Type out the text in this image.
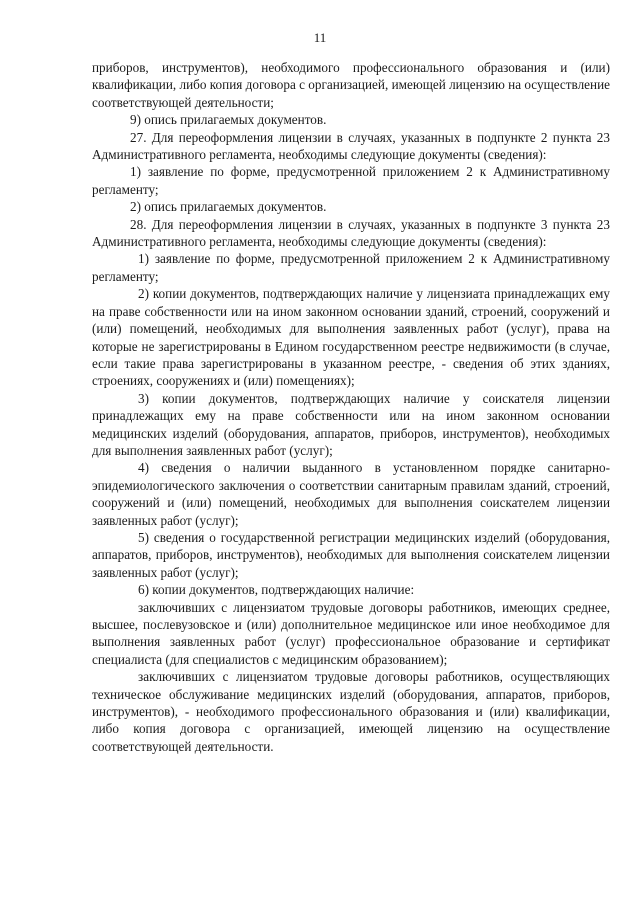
11

приборов, инструментов), необходимого профессионального образования и (или) квалификации, либо копия договора с организацией, имеющей лицензию на осуществление соответствующей деятельности;

9) опись прилагаемых документов.

27. Для переоформления лицензии в случаях, указанных в подпункте 2 пункта 23 Административного регламента, необходимы следующие документы (сведения):

1) заявление по форме, предусмотренной приложением 2 к Административному регламенту;

2) опись прилагаемых документов.

28. Для переоформления лицензии в случаях, указанных в подпункте 3 пункта 23 Административного регламента, необходимы следующие документы (сведения):

1) заявление по форме, предусмотренной приложением 2 к Административному регламенту;

2) копии документов, подтверждающих наличие у лицензиата принадлежащих ему на праве собственности или на ином законном основании зданий, строений, сооружений и (или) помещений, необходимых для выполнения заявленных работ (услуг), права на которые не зарегистрированы в Едином государственном реестре недвижимости (в случае, если такие права зарегистрированы в указанном реестре, - сведения об этих зданиях, строениях, сооружениях и (или) помещениях);

3) копии документов, подтверждающих наличие у соискателя лицензии принадлежащих ему на праве собственности или на ином законном основании медицинских изделий (оборудования, аппаратов, приборов, инструментов), необходимых для выполнения заявленных работ (услуг);

4) сведения о наличии выданного в установленном порядке санитарно-эпидемиологического заключения о соответствии санитарным правилам зданий, строений, сооружений и (или) помещений, необходимых для выполнения соискателем лицензии заявленных работ (услуг);

5) сведения о государственной регистрации медицинских изделий (оборудования, аппаратов, приборов, инструментов), необходимых для выполнения соискателем лицензии заявленных работ (услуг);

6) копии документов, подтверждающих наличие:

заключивших с лицензиатом трудовые договоры работников, имеющих среднее, высшее, послевузовское и (или) дополнительное медицинское или иное необходимое для выполнения заявленных работ (услуг) профессиональное образование и сертификат специалиста (для специалистов с медицинским образованием);

заключивших с лицензиатом трудовые договоры работников, осуществляющих техническое обслуживание медицинских изделий (оборудования, аппаратов, приборов, инструментов), - необходимого профессионального образования и (или) квалификации, либо копия договора с организацией, имеющей лицензию на осуществление соответствующей деятельности.
